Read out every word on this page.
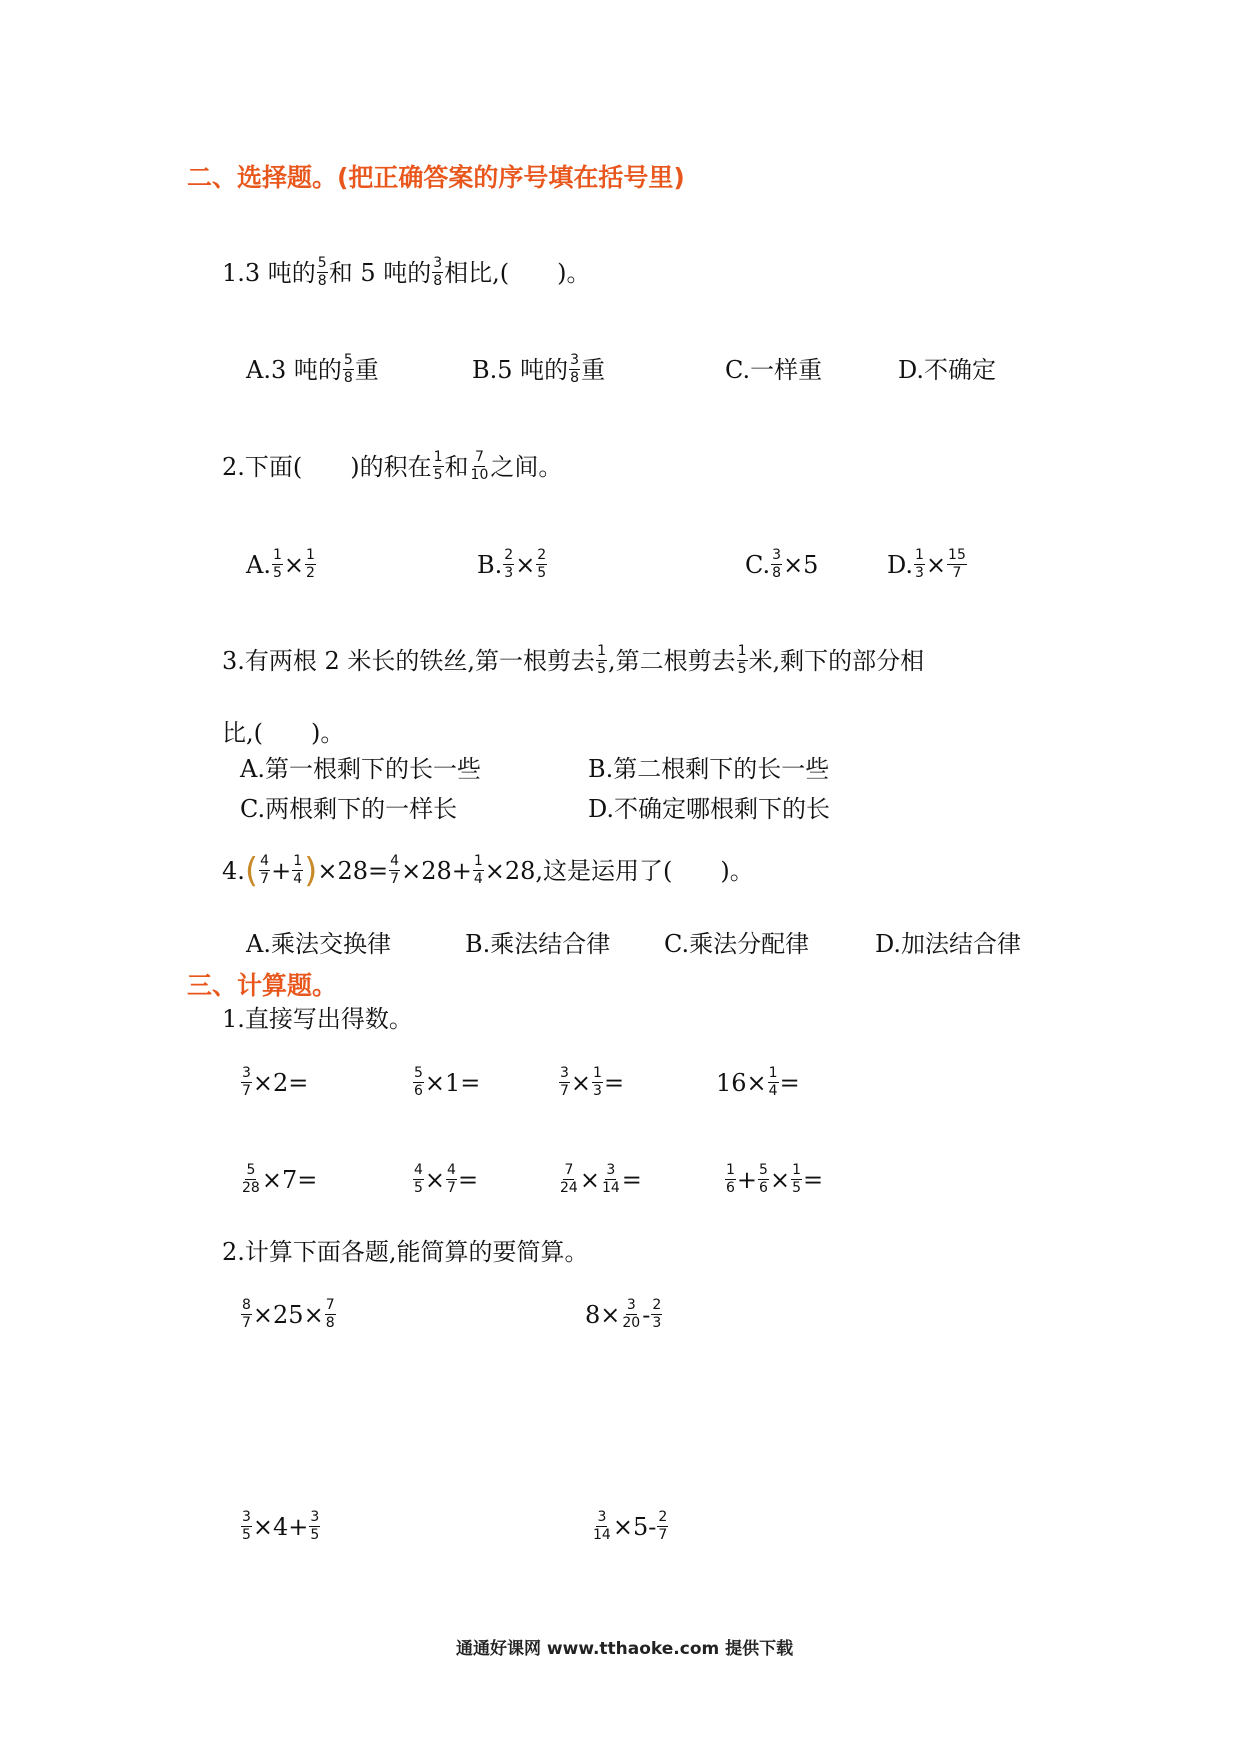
二、选择题。(把正确答案的序号填在括号里)
1.3 吨的 $\frac{5}{8}$ 和 5 吨的 $\frac{3}{8}$ 相比,(　　)。
A.3 吨的 $\frac{5}{8}$ 重	B.5 吨的 $\frac{3}{8}$ 重	C.一样重	D.不确定
2.下面(　　)的积在 $\frac{1}{5}$ 和 $\frac{7}{10}$ 之间。
A. $\frac{1}{5} \times \frac{1}{2}$	B. $\frac{2}{3} \times \frac{2}{5}$	C. $\frac{3}{8} \times 5$	D. $\frac{1}{3} \times \frac{15}{7}$
3.有两根 2 米长的铁丝,第一根剪去 $\frac{1}{5}$ ,第二根剪去 $\frac{1}{5}$ 米,剩下的部分相
比,(　　)。
A.第一根剩下的长一些	B.第二根剩下的长一些
C.两根剩下的一样长	D.不确定哪根剩下的长
$4.( \frac{4}{7} + \frac{1}{4} )\times 28= \frac{4}{7} \times 28+ \frac{1}{4} \times 28$,这是运用了(　　)。
A.乘法交换律	B.乘法结合律 C.乘法分配律	D.加法结合律
三、计算题。
1.直接写出得数。
$\frac{3}{7} \times 2=$	$\frac{5}{6} \times 1=$	$\frac{3}{7} \times \frac{1}{3}$ =	$16\times \frac{1}{4}$ =
$\frac{5}{28} \times 7=$	$\frac{4}{5} \times \frac{4}{7}$ =	$\frac{7}{24} \times \frac{3}{14}$ =	$\frac{1}{6} + \frac{5}{6} \times \frac{1}{5}$ =
2.计算下面各题,能简算的要简算。
$\frac{8}{7} \times 25\times \frac{7}{8}$	$8\times \frac{3}{20} - \frac{2}{3}$
$\frac{3}{5} \times 4+ \frac{3}{5}$	$\frac{3}{14} \times 5- \frac{2}{7}$
通通好课网 www.tthaoke.com 提供下载
